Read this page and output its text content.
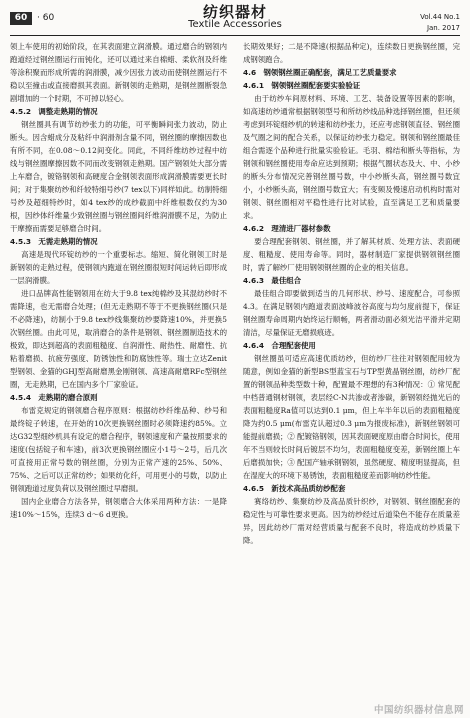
60	· 60	纺织器材
Textile Accessories
Vol.44 No.1
Jan. 2017

领上车使用的初始阶段，在其表面建立润滑膜。通过磨合的钢领内跑道经过钢丝圈运行而钝化，还可以通过来自棉蜡、柔软剂及纤维等涂积聚而形成所需的润滑膜，减少因张力波动而使钢丝圈运行不稳以至撞击或直接磨损其表面。新钢领的走熟期，是钢丝圈断裂急剧增加的一个时期，不可掉以轻心。

4.5.2　调整走熟期的情况

钢丝圈具有调节纺纱张力的功能，可平衡瞬间张力波动，防止断头。因含蜡成分及粘纤中润滑剂含量不同，钢丝圈的摩擦因数也有所不同，在0.08～0.12间变化。同此，不同纤维纺纱过程中纺线与钢丝圈摩擦因数不同而改变钢领走熟期。国产钢领处大部分需上车磨合，镀铬钢领和高硬度合金钢领表面形成润滑膜需要更长时间；对于集聚纺纱和纤较特细号纱(7 tex以下)同样如此。纺制特细号纱及超细特纱时，如4 tex纱的成纱截面中纤维根数仅约为30根，因纱体纤维量少致钢丝圈与钢丝圈间纤维润滑膜不足，为防止干摩擦而需要足够磨合时间。

4.5.3　无需走熟期的情况

高速是现代环锭纺纱的一个重要标志。缩短、简化钢领工时是新钢领的走熟过程，使钢领内跑道在钢丝圈很短时间运转后即形成一层润滑膜。

进口品牌高性能钢领用在纺大于9.8 tex纯棉纱及其混纺纱时不需降速，也无需磨合处理；(但无走熟期不等于不更换钢丝圈(只是不必降速)，纺制小于9.8 tex纱线集聚纺纱要降速10%，并更换5次钢丝圈。由此可见，取消磨合的条件是钢领、钢丝圈制造技术的极致，即达到超高的表面粗糙度、自润滑性、耐热性、耐磨性、抗粘着磨损、抗疲劳强度、防锈蚀性和防腐蚀性等。瑞士立达Zenit型钢领、金猫的GHJ型高耐磨黑金刚钢领、高速高耐磨RFc型钢丝圈，无走熟期，已在国内多个厂家验证。

4.5.4　走熟期的磨合原则

布雷克规定的钢领磨合程序原则：根据纺纱纤维品种、纱号和最终锭子转速，在开始的10次更换钢丝圈时必须降速约85%。立达G32型细纱机具有设定的磨合程序，钢领速度和产量按照要求的速度(包括锭子和车速)，前3次更换钢丝圈应小1号～2号，后几次可直接用正常号数的钢丝圈，分别为正常产速的25%、50%、75%、之后可以正常纺纱；如果纺化纤，可用更小的号数，以防止钢领跑道过度负荷以及钢丝圈过早磨损。

国内企业磨合方法各异，钢领磨合大体采用两种方法：一是降速10%～15%，连续3 d～6 d更换。

长期效果好；二是不降速(根据品种定)，连续数日更换钢丝圈，完成钢领跑合。

4.6　钢领钢丝圈正确配套，满足工艺质量要求
4.6.1　钢领钢丝圈配套要实验验证

由于纺纱车间原材料、环境、工艺、装备设置等因素的影响，如高速纺纱通常根据钢领型号和所纺纱线品种选择钢丝圈，但还须考虑到环锭细纱机的转速和纺纱张力，还应考虑钢领直径、钢丝圈及气圈之间的配合关系，以保证纺纱张力稳定。钢领和钢丝圈最佳组合需逐个品种进行批量实验验证。毛羽、棉结和断头等指标，为钢领和钢丝圈使用寿命应达到预期；根据气圈状态及大、中、小纱的断头分布情况完善钢丝圈号数，中小纱断头高，钢丝圈号数宜小，小纱断头高，钢丝圈号数宜大；有变频及慢速启动机构时需对钢领、钢丝圈相对平稳性进行比对试验，直至满足工艺和质量要求。

4.6.2　理清进厂器材参数

要合理配套钢领、钢丝圈，并了解其材质、处理方法、表面硬度、粗糙度、使用寿命等。同时，器材制造厂家提供钢领钢丝圈时，需了解纱厂使用钢领钢丝圈的企业的相关信息。

4.6.3　最佳组合

最佳组合即要做到适当的几何形状、纱号、速度配合，可参照4.3。在满足钢领内跑道表面波峰波谷高度与均匀度前提下，保证钢丝圈寿命周期内始终运行顺畅，两者滑动面必须光洁平滑并定期清洁，尽量保证无磨损痕迹。

4.6.4　合理配套使用

钢丝圈虽可适应高速优质纺纱，但纺纱厂往往对钢领配用较为随意，例如金猫的新型BS型蓝宝石与TP型黄晶钢丝圈，纺纱厂配置的钢领品种类型数十种，配置最不理想的有3种情况：① 常见配中档普通钢材钢领，表层经C-N共渗或者渗碳，新钢领经抛光后的表面粗糙度Ra值可以达到0.1 μm，但上车半年以后的表面粗糙度降为约0.5 μm(布雷克认超过0.3 μm为报废标准)，新钢丝钢领可能提前磨损；② 配镀铬钢领，因其表面硬度原由磨合时间长，使用年不当则较长时间后镀层不均匀，表面粗糙度变差，新钢丝圈上车后磨损加快；③ 配国产轴承钢钢领，虽然硬度、精度明显提高，但在湿度大的环境下易锈蚀，表面粗糙度差而影响纺纱性能。

4.6.5　新技术高品质纺纱配套

赛络纺纱、集聚纺纱及高品质针织纱，对钢领、钢丝圈配套的稳定性与可靠性要求更高。因为纺纱经过后道染色不能存在质量差异，因此纺纱厂需对经营质量与配套不良时，将造成纺纱质量下降。

中国纺织器材信息网
